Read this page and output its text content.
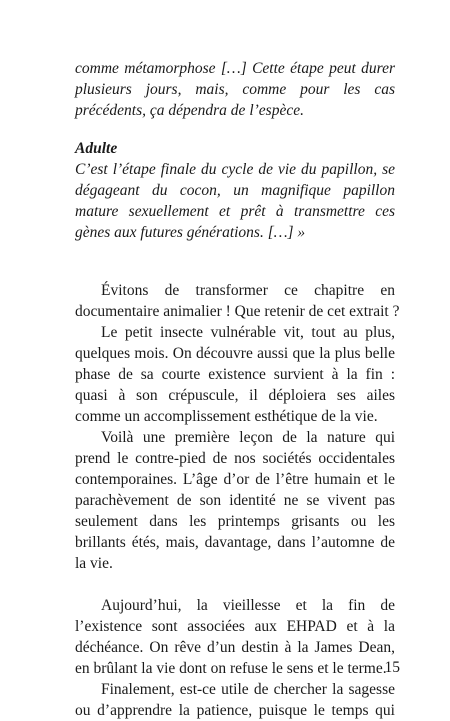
comme métamorphose […] Cette étape peut durer
plusieurs jours, mais, comme pour les cas
précédents, ça dépendra de l’espèce.
Adulte
C’est l’étape finale du cycle de vie du papillon, se
dégageant du cocon, un magnifique papillon
mature sexuellement et prêt à transmettre ces
gènes aux futures générations. […] »
Évitons de transformer ce chapitre en
documentaire animalier ! Que retenir de cet extrait ?
Le petit insecte vulnérable vit, tout au plus,
quelques mois. On découvre aussi que la plus belle
phase de sa courte existence survient à la fin :
quasi à son crépuscule, il déploiera ses ailes
comme un accomplissement esthétique de la vie.
Voilà une première leçon de la nature qui
prend le contre-pied de nos sociétés occidentales
contemporaines. L’âge d’or de l’être humain et le
parachèvement de son identité ne se vivent pas
seulement dans les printemps grisants ou les
brillants étés, mais, davantage, dans l’automne de
la vie.
Aujourd’hui, la vieillesse et la fin de
l’existence sont associées aux EHPAD et à la
déchéance. On rêve d’un destin à la James Dean,
en brûlant la vie dont on refuse le sens et le terme.
Finalement, est-ce utile de chercher la sagesse
ou d’apprendre la patience, puisque le temps qui
15
